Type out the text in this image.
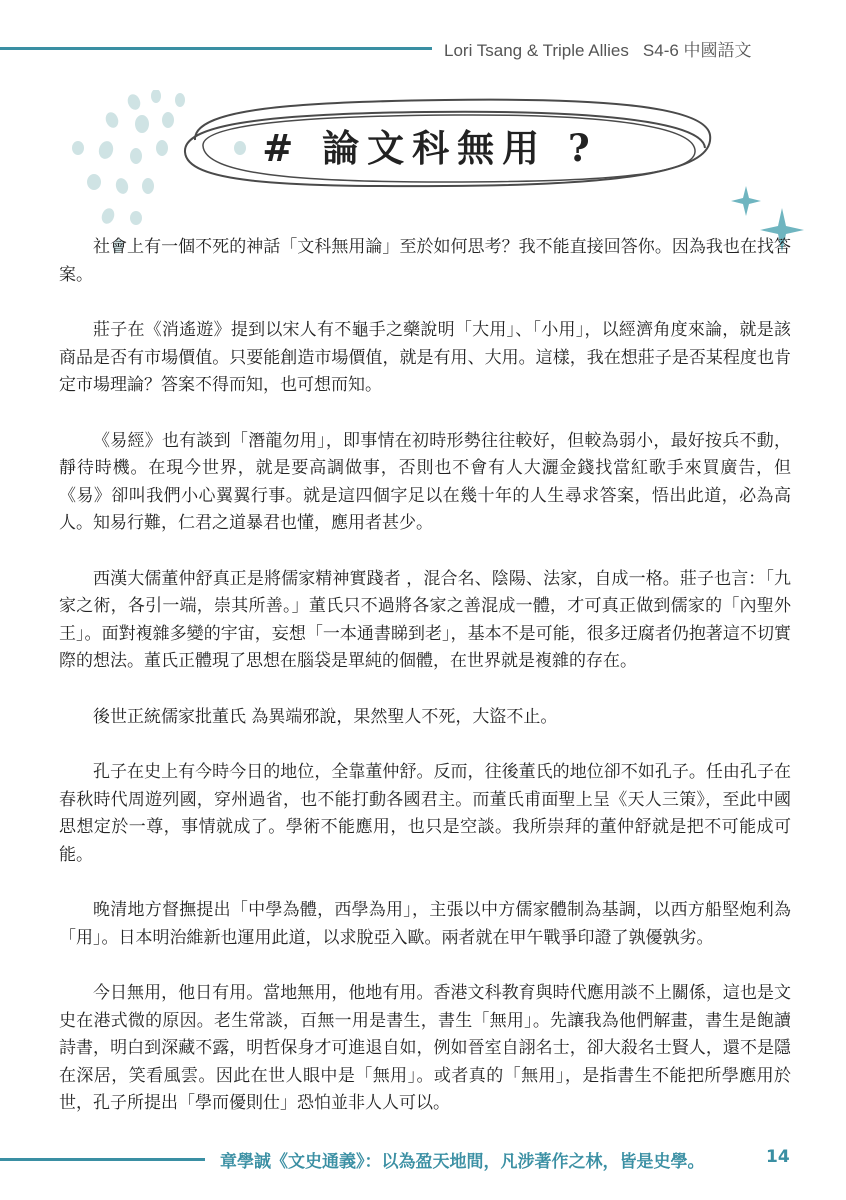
Lori Tsang & Triple Allies S4-6 中國語文
# 論文科無用 ?

社會上有一個不死的神話「文科無用論」至於如何思考？我不能直接回答你。因為我也在找答案。

莊子在《消遙遊》提到以宋人有不龜手之藥說明「大用」、「小用」，以經濟角度來論，就是該商品是否有市場價值。只要能創造市場價值，就是有用、大用。這樣，我在想莊子是否某程度也肯定市場理論？答案不得而知，也可想而知。

《易經》也有談到「潛龍勿用」，即事情在初時形勢往往較好，但較為弱小，最好按兵不動，靜待時機。在現今世界，就是要高調做事，否則也不會有人大灑金錢找當紅歌手來買廣告，但《易》卻叫我們小心翼翼行事。就是這四個字足以在幾十年的人生尋求答案，悟出此道，必為高人。知易行難，仁君之道暴君也懂，應用者甚少。

西漢大儒董仲舒真正是將儒家精神實踐者 ，混合名、陰陽、法家，自成一格。莊子也言：「九家之術，各引一端，崇其所善。」董氏只不過將各家之善混成一體，才可真正做到儒家的「內聖外王」。面對複雜多變的宇宙，妄想「一本通書睇到老」，基本不是可能，很多迂腐者仍抱著這不切實際的想法。董氏正體現了思想在腦袋是單純的個體，在世界就是複雜的存在。

後世正統儒家批董氏 為異端邪說，果然聖人不死，大盜不止。

孔子在史上有今時今日的地位，全靠董仲舒。反而，往後董氏的地位卻不如孔子。任由孔子在春秋時代周遊列國，穿州過省，也不能打動各國君主。而董氏甫面聖上呈《天人三策》，至此中國思想定於一尊，事情就成了。學術不能應用，也只是空談。我所崇拜的董仲舒就是把不可能成可能。

晚清地方督撫提出「中學為體，西學為用」，主張以中方儒家體制為基調，以西方船堅炮利為「用」。日本明治維新也運用此道，以求脫亞入歐。兩者就在甲午戰爭印證了孰優孰劣。

今日無用，他日有用。當地無用，他地有用。香港文科教育與時代應用談不上關係，這也是文史在港式微的原因。老生常談，百無一用是書生，書生「無用」。先讓我為他們解畫，書生是飽讀詩書，明白到深藏不露，明哲保身才可進退自如，例如晉室自詡名士，卻大殺名士賢人，還不是隱在深居，笑看風雲。因此在世人眼中是「無用」。或者真的「無用」，是指書生不能把所學應用於世，孔子所提出「學而優則仕」恐怕並非人人可以。

章學誠《文史通義》：以為盈天地間，凡涉著作之林，皆是史學。	14
